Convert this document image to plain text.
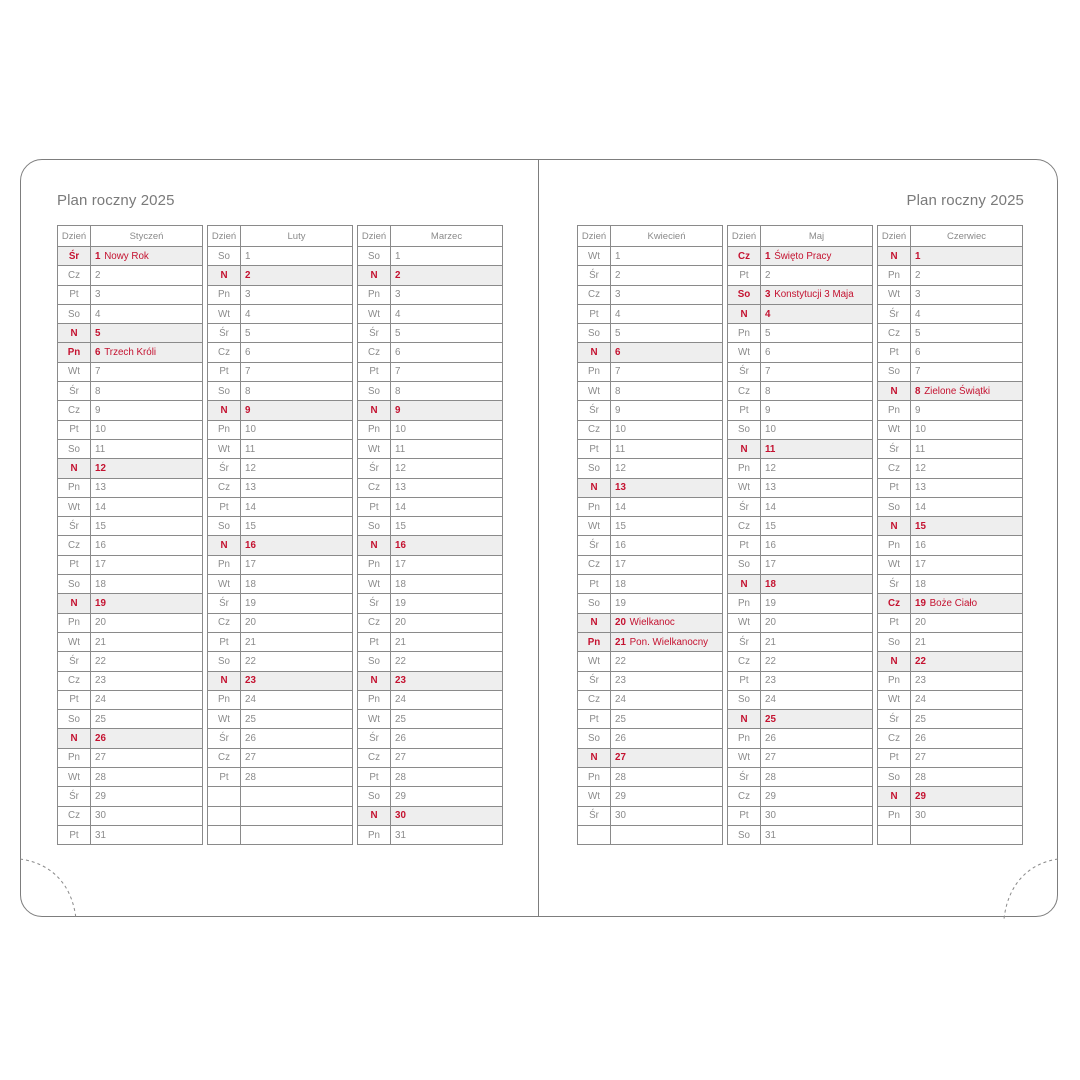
Plan roczny 2025	Plan roczny 2025
Dzień	Styczeń
Śr	1 Nowy Rok
Cz	2
Pt	3
So	4
N	5
Pn	6 Trzech Króli
Wt	7
Śr	8
Cz	9
Pt	10
So	11
N	12
Pn	13
Wt	14
Śr	15
Cz	16
Pt	17
So	18
N	19
Pn	20
Wt	21
Śr	22
Cz	23
Pt	24
So	25
N	26
Pn	27
Wt	28
Śr	29
Cz	30
Pt	31
Dzień	Luty
So	1
N	2
Pn	3
Wt	4
Śr	5
Cz	6
Pt	7
So	8
N	9
Pn	10
Wt	11
Śr	12
Cz	13
Pt	14
So	15
N	16
Pn	17
Wt	18
Śr	19
Cz	20
Pt	21
So	22
N	23
Pn	24
Wt	25
Śr	26
Cz	27
Pt	28

Dzień	Marzec
So	1
N	2
Pn	3
Wt	4
Śr	5
Cz	6
Pt	7
So	8
N	9
Pn	10
Wt	11
Śr	12
Cz	13
Pt	14
So	15
N	16
Pn	17
Wt	18
Śr	19
Cz	20
Pt	21
So	22
N	23
Pn	24
Wt	25
Śr	26
Cz	27
Pt	28
So	29
N	30
Pn	31
Dzień	Kwiecień
Wt	1
Śr	2
Cz	3
Pt	4
So	5
N	6
Pn	7
Wt	8
Śr	9
Cz	10
Pt	11
So	12
N	13
Pn	14
Wt	15
Śr	16
Cz	17
Pt	18
So	19
N	20 Wielkanoc
Pn	21 Pon. Wielkanocny
Wt	22
Śr	23
Cz	24
Pt	25
So	26
N	27
Pn	28
Wt	29
Śr	30

Dzień	Maj
Cz	1 Święto Pracy
Pt	2
So	3 Konstytucji 3 Maja
N	4
Pn	5
Wt	6
Śr	7
Cz	8
Pt	9
So	10
N	11
Pn	12
Wt	13
Śr	14
Cz	15
Pt	16
So	17
N	18
Pn	19
Wt	20
Śr	21
Cz	22
Pt	23
So	24
N	25
Pn	26
Wt	27
Śr	28
Cz	29
Pt	30
So	31
Dzień	Czerwiec
N	1
Pn	2
Wt	3
Śr	4
Cz	5
Pt	6
So	7
N	8 Zielone Świątki
Pn	9
Wt	10
Śr	11
Cz	12
Pt	13
So	14
N	15
Pn	16
Wt	17
Śr	18
Cz	19 Boże Ciało
Pt	20
So	21
N	22
Pn	23
Wt	24
Śr	25
Cz	26
Pt	27
So	28
N	29
Pn	30
